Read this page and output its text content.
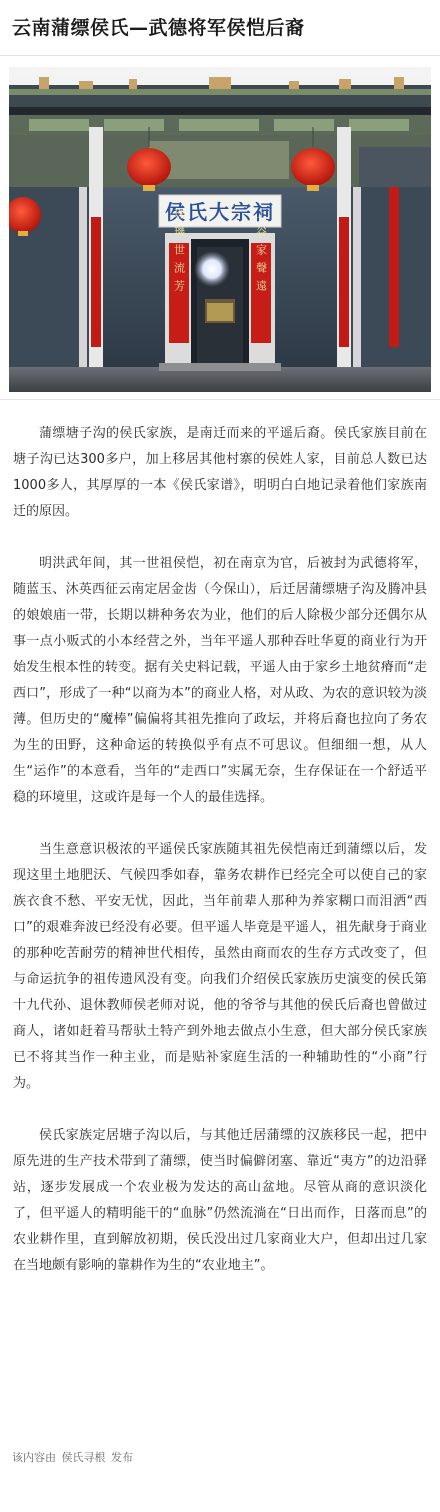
云南蒲缥侯氏—武德将军侯恺后裔
侯氏大宗祠
珠璣世流芳	上谷家聲遠

蒲缥塘子沟的侯氏家族，是南迁而来的平遥后裔。侯氏家族目前在塘子沟已达300多户，加上移居其他村寨的侯姓人家，目前总人数已达1000多人，其厚厚的一本《侯氏家谱》，明明白白地记录着他们家族南迁的原因。

明洪武年间，其一世祖侯恺，初在南京为官，后被封为武德将军，随蓝玉、沐英西征云南定居金齿（今保山），后迁居蒲缥塘子沟及腾冲县的娘娘庙一带，长期以耕种务农为业，他们的后人除极少部分还偶尔从事一点小贩式的小本经营之外，当年平遥人那种吞吐华夏的商业行为开始发生根本性的转变。据有关史料记载，平遥人由于家乡土地贫瘠而“走西口”，形成了一种“以商为本”的商业人格，对从政、为农的意识较为淡薄。但历史的“魔棒”偏偏将其祖先推向了政坛，并将后裔也拉向了务农为生的田野，这种命运的转换似乎有点不可思议。但细细一想，从人生“运作”的本意看，当年的“走西口”实属无奈，生存保证在一个舒适平稳的环境里，这或许是每一个人的最佳选择。

当生意意识极浓的平遥侯氏家族随其祖先侯恺南迁到蒲缥以后，发现这里土地肥沃、气候四季如春，靠务农耕作已经完全可以使自己的家族衣食不愁、平安无忧，因此，当年前辈人那种为养家糊口而泪洒“西口”的艰难奔波已经没有必要。但平遥人毕竟是平遥人，祖先献身于商业的那种吃苦耐劳的精神世代相传，虽然由商而农的生存方式改变了，但与命运抗争的祖传遗风没有变。向我们介绍侯氏家族历史演变的侯氏第十九代孙、退休教师侯老师对说，他的爷爷与其他的侯氏后裔也曾做过商人，诸如赶着马帮驮土特产到外地去做点小生意，但大部分侯氏家族已不将其当作一种主业，而是贴补家庭生活的一种辅助性的“小商”行为。

侯氏家族定居塘子沟以后，与其他迁居蒲缥的汉族移民一起，把中原先进的生产技术带到了蒲缥，使当时偏僻闭塞、靠近“夷方”的边沿驿站，逐步发展成一个农业极为发达的高山盆地。尽管从商的意识淡化了，但平遥人的精明能干的“血脉”仍然流淌在“日出而作，日落而息”的农业耕作里，直到解放初期，侯氏没出过几家商业大户，但却出过几家在当地颇有影响的靠耕作为生的“农业地主”。

该内容由 侯氏寻根 发布
